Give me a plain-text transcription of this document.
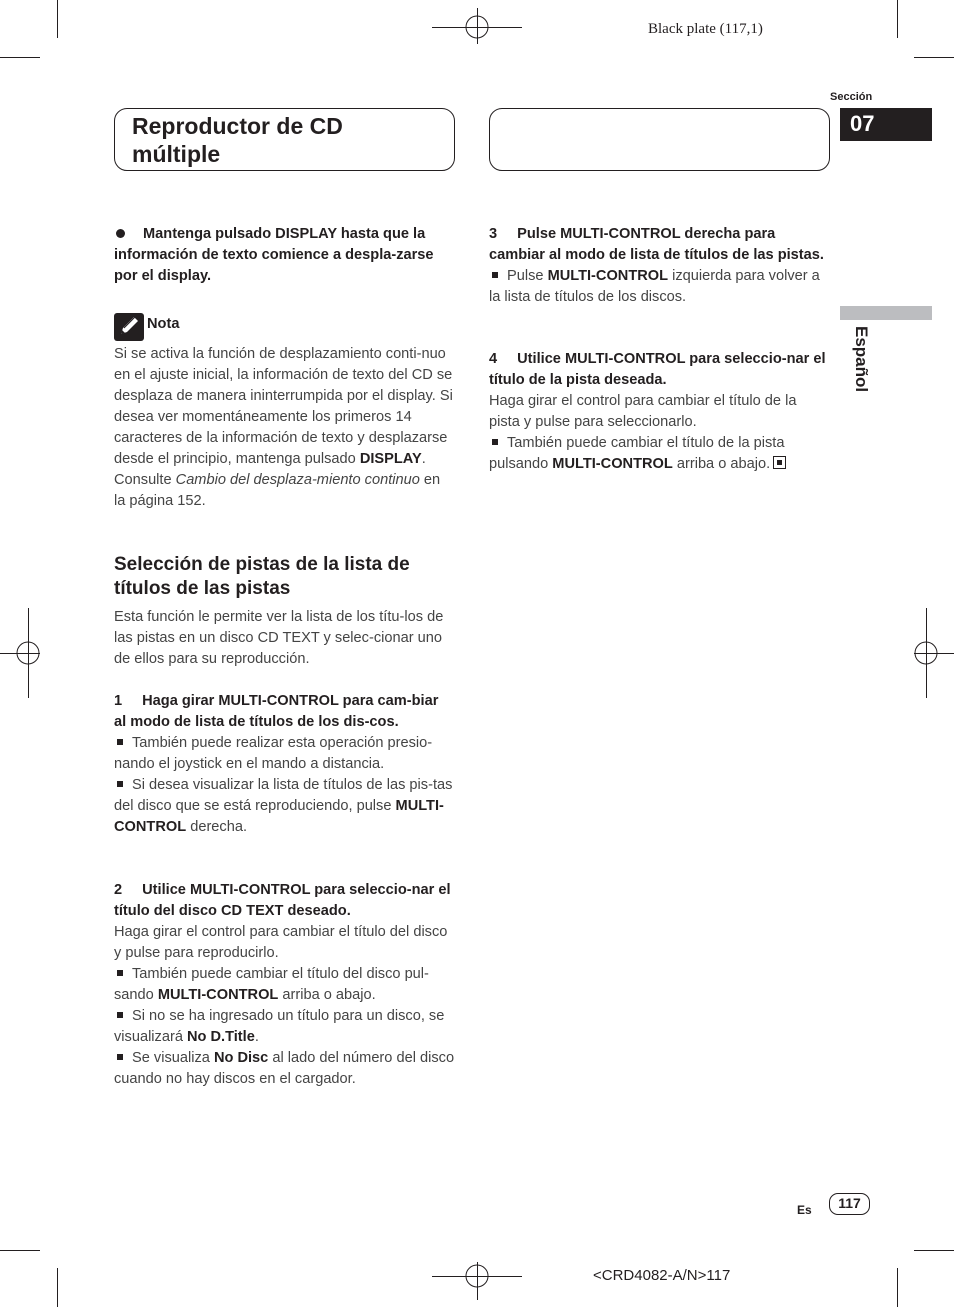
Black plate (117,1)
Reproductor de CD
múltiple
Sección
07
Español

Mantenga pulsado DISPLAY hasta que la información de texto comience a despla-zarse por el display.

Nota

Si se activa la función de desplazamiento conti-nuo en el ajuste inicial, la información de texto del CD se desplaza de manera ininterrumpida por el display. Si desea ver momentáneamente los primeros 14 caracteres de la información de texto y desplazarse desde el principio, mantenga pulsado DISPLAY. Consulte Cambio del desplaza-miento continuo en la página 152.

Selección de pistas de la lista de títulos de las pistas
Esta función le permite ver la lista de los títu-los de las pistas en un disco CD TEXT y selec-cionar uno de ellos para su reproducción.

1 Haga girar MULTI-CONTROL para cam-biar al modo de lista de títulos de los dis-cos.

También puede realizar esta operación presio-nando el joystick en el mando a distancia.

Si desea visualizar la lista de títulos de las pis-tas del disco que se está reproduciendo, pulse MULTI-CONTROL derecha.

2 Utilice MULTI-CONTROL para seleccio-nar el título del disco CD TEXT deseado.

Haga girar el control para cambiar el título del disco y pulse para reproducirlo.

También puede cambiar el título del disco pul-sando MULTI-CONTROL arriba o abajo.

Si no se ha ingresado un título para un disco, se visualizará No D.Title.

Se visualiza No Disc al lado del número del disco cuando no hay discos en el cargador.

3 Pulse MULTI-CONTROL derecha para cambiar al modo de lista de títulos de las pistas.

Pulse MULTI-CONTROL izquierda para volver a la lista de títulos de los discos.

4 Utilice MULTI-CONTROL para seleccio-nar el título de la pista deseada.

Haga girar el control para cambiar el título de la pista y pulse para seleccionarlo.

También puede cambiar el título de la pista pulsando MULTI-CONTROL arriba o abajo.

Es	117
<CRD4082-A/N>117
